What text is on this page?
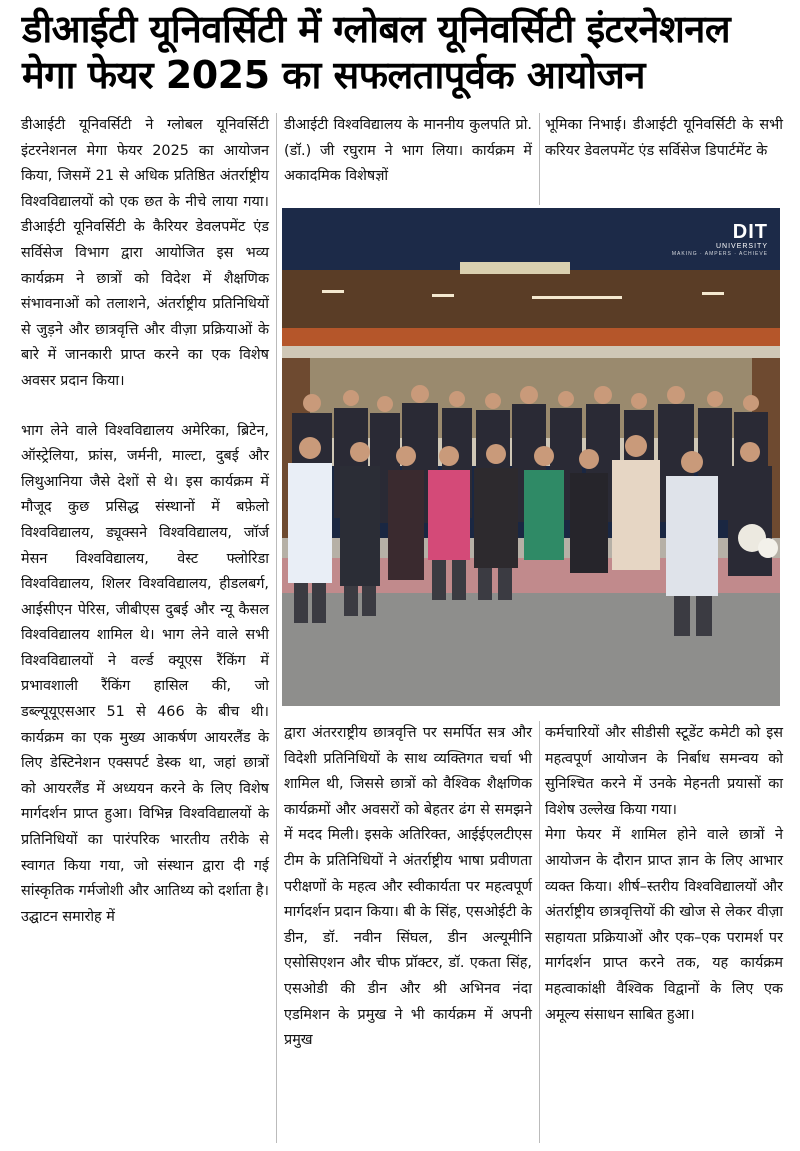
डीआईटी यूनिवर्सिटी में ग्लोबल यूनिवर्सिटी इंटरनेशनल मेगा फेयर 2025 का सफलतापूर्वक आयोजन

डीआईटी यूनिवर्सिटी ने ग्लोबल यूनिवर्सिटी इंटरनेशनल मेगा फेयर 2025 का आयोजन किया, जिसमें 21 से अधिक प्रतिष्ठित अंतर्राष्ट्रीय विश्वविद्यालयों को एक छत के नीचे लाया गया। डीआईटी यूनिवर्सिटी के कैरियर डेवलपमेंट एंड सर्विसेज विभाग द्वारा आयोजित इस भव्य कार्यक्रम ने छात्रों को विदेश में शैक्षणिक संभावनाओं को तलाशने, अंतर्राष्ट्रीय प्रतिनिधियों से जुड़ने और छात्रवृत्ति और वीज़ा प्रक्रियाओं के बारे में जानकारी प्राप्त करने का एक विशेष अवसर प्रदान किया।

भाग लेने वाले विश्वविद्यालय अमेरिका, ब्रिटेन, ऑस्ट्रेलिया, फ्रांस, जर्मनी, माल्टा, दुबई और लिथुआनिया जैसे देशों से थे। इस कार्यक्रम में मौजूद कुछ प्रसिद्ध संस्थानों में बफ़ेलो विश्वविद्यालय, ड्यूक्सने विश्वविद्यालय, जॉर्ज मेसन विश्वविद्यालय, वेस्ट फ्लोरिडा विश्वविद्यालय, शिलर विश्वविद्यालय, हीडलबर्ग, आईसीएन पेरिस, जीबीएस दुबई और न्यू कैसल विश्वविद्यालय शामिल थे। भाग लेने वाले सभी विश्वविद्यालयों ने वर्ल्ड क्यूएस रैंकिंग में प्रभावशाली रैंकिंग हासिल की, जो डब्ल्यूयूएसआर 51 से 466 के बीच थी। कार्यक्रम का एक मुख्य आकर्षण आयरलैंड के लिए डेस्टिनेशन एक्सपर्ट डेस्क था, जहां छात्रों को आयरलैंड में अध्ययन करने के लिए विशेष मार्गदर्शन प्राप्त हुआ। विभिन्न विश्वविद्यालयों के प्रतिनिधियों का पारंपरिक भारतीय तरीके से स्वागत किया गया, जो संस्थान द्वारा दी गई सांस्कृतिक गर्मजोशी और आतिथ्य को दर्शाता है। उद्घाटन समारोह में

डीआईटी विश्वविद्यालय के माननीय कुलपति प्रो. (डॉ.) जी रघुराम ने भाग लिया। कार्यक्रम में अकादमिक विशेषज्ञों

भूमिका निभाई। डीआईटी यूनिवर्सिटी के सभी करियर डेवलपमेंट एंड सर्विसेज डिपार्टमेंट के

DIT
UNIVERSITY
MAKING · AMPERS · ACHIEVE

द्वारा अंतरराष्ट्रीय छात्रवृत्ति पर समर्पित सत्र और विदेशी प्रतिनिधियों के साथ व्यक्तिगत चर्चा भी शामिल थी, जिससे छात्रों को वैश्विक शैक्षणिक कार्यक्रमों और अवसरों को बेहतर ढंग से समझने में मदद मिली। इसके अतिरिक्त, आईईएलटीएस टीम के प्रतिनिधियों ने अंतर्राष्ट्रीय भाषा प्रवीणता परीक्षणों के महत्व और स्वीकार्यता पर महत्वपूर्ण मार्गदर्शन प्रदान किया। बी के सिंह, एसओईटी के डीन, डॉ. नवीन सिंघल, डीन अल्यूमीनि एसोसिएशन और चीफ प्रॉक्टर, डॉ. एकता सिंह, एसओडी की डीन और श्री अभिनव नंदा एडमिशन के प्रमुख ने भी कार्यक्रम में अपनी प्रमुख

कर्मचारियों और सीडीसी स्टूडेंट कमेटी को इस महत्वपूर्ण आयोजन के निर्बाध समन्वय को सुनिश्चित करने में उनके मेहनती प्रयासों का विशेष उल्लेख किया गया।

मेगा फेयर में शामिल होने वाले छात्रों ने आयोजन के दौरान प्राप्त ज्ञान के लिए आभार व्यक्त किया। शीर्ष–स्तरीय विश्वविद्यालयों और अंतर्राष्ट्रीय छात्रवृत्तियों की खोज से लेकर वीज़ा सहायता प्रक्रियाओं और एक–एक परामर्श पर मार्गदर्शन प्राप्त करने तक, यह कार्यक्रम महत्वाकांक्षी वैश्विक विद्वानों के लिए एक अमूल्य संसाधन साबित हुआ।
